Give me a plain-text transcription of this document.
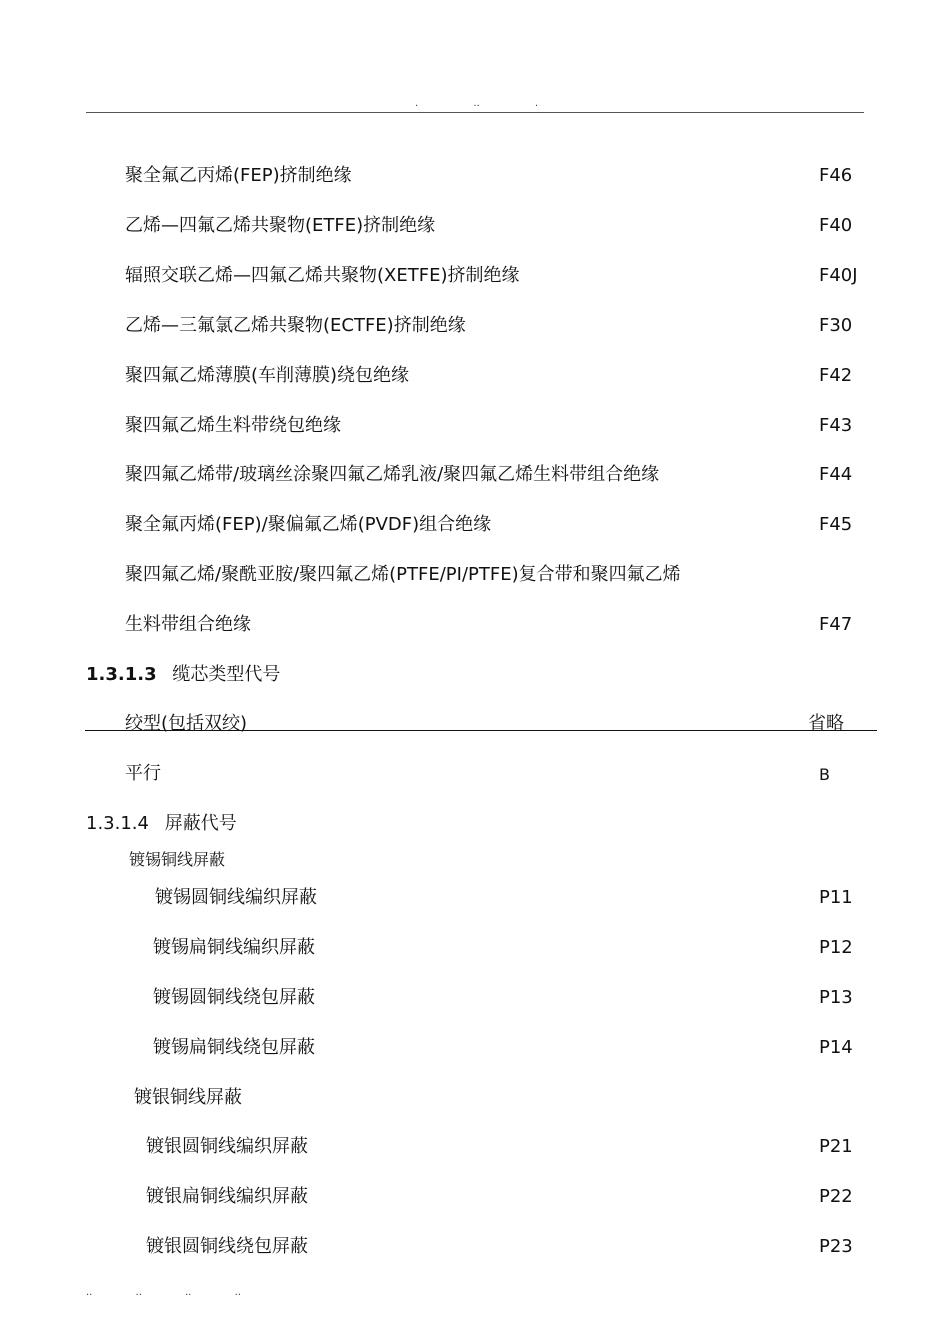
. .. .
聚全氟乙丙烯(FEP)挤制绝缘	F46
乙烯—四氟乙烯共聚物(ETFE)挤制绝缘	F40
辐照交联乙烯—四氟乙烯共聚物(XETFE)挤制绝缘	F40J
乙烯—三氟氯乙烯共聚物(ECTFE)挤制绝缘	F30
聚四氟乙烯薄膜(车削薄膜)绕包绝缘	F42
聚四氟乙烯生料带绕包绝缘	F43
聚四氟乙烯带/玻璃丝涂聚四氟乙烯乳液/聚四氟乙烯生料带组合绝缘	F44
聚全氟丙烯(FEP)/聚偏氟乙烯(PVDF)组合绝缘	F45
聚四氟乙烯/聚酰亚胺/聚四氟乙烯(PTFE/PI/PTFE)复合带和聚四氟乙烯
生料带组合绝缘	F47
1.3.1.3 缆芯类型代号
绞型(包括双绞)	省略
平行	B
1.3.1.4 屏蔽代号
镀锡铜线屏蔽
镀锡圆铜线编织屏蔽	P11
镀锡扁铜线编织屏蔽	P12
镀锡圆铜线绕包屏蔽	P13
镀锡扁铜线绕包屏蔽	P14
镀银铜线屏蔽
镀银圆铜线编织屏蔽	P21
镀银扁铜线编织屏蔽	P22
镀银圆铜线绕包屏蔽	P23
.. .. .. ..
